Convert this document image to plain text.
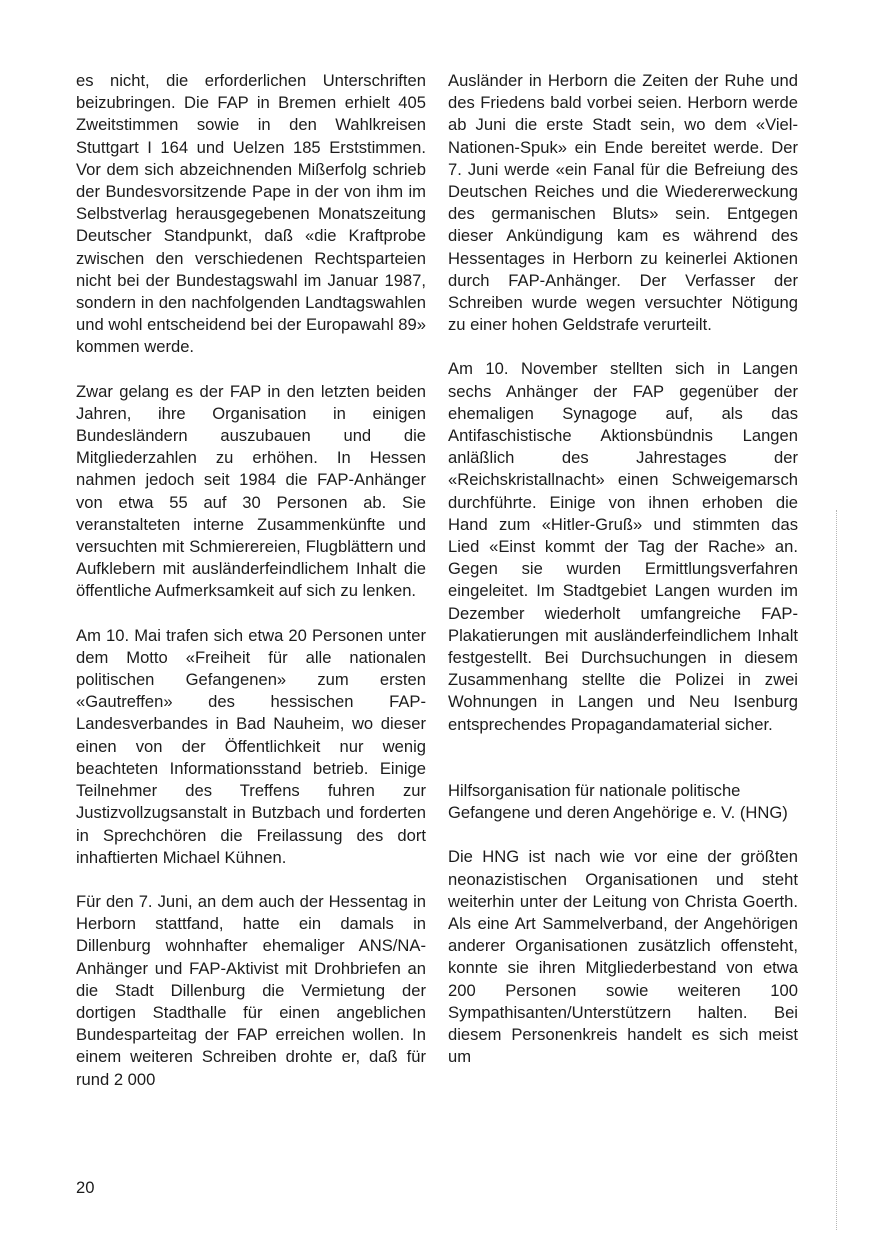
es nicht, die erforderlichen Unterschriften beizubringen. Die FAP in Bremen erhielt 405 Zweitstimmen sowie in den Wahlkreisen Stuttgart I 164 und Uelzen 185 Erststimmen. Vor dem sich abzeichnenden Mißerfolg schrieb der Bundesvorsitzende Pape in der von ihm im Selbstverlag herausgegebenen Monatszeitung Deutscher Standpunkt, daß «die Kraftprobe zwischen den verschiedenen Rechtsparteien nicht bei der Bundestagswahl im Januar 1987, sondern in den nachfolgenden Landtagswahlen und wohl entscheidend bei der Europawahl 89» kommen werde.

Zwar gelang es der FAP in den letzten beiden Jahren, ihre Organisation in einigen Bundesländern auszubauen und die Mitgliederzahlen zu erhöhen. In Hessen nahmen jedoch seit 1984 die FAP-Anhänger von etwa 55 auf 30 Personen ab. Sie veranstalteten interne Zusammenkünfte und versuchten mit Schmierereien, Flugblättern und Aufklebern mit ausländerfeindlichem Inhalt die öffentliche Aufmerksamkeit auf sich zu lenken.

Am 10. Mai trafen sich etwa 20 Personen unter dem Motto «Freiheit für alle nationalen politischen Gefangenen» zum ersten «Gautreffen» des hessischen FAP-Landesverbandes in Bad Nauheim, wo dieser einen von der Öffentlichkeit nur wenig beachteten Informationsstand betrieb. Einige Teilnehmer des Treffens fuhren zur Justizvollzugsanstalt in Butzbach und forderten in Sprechchören die Freilassung des dort inhaftierten Michael Kühnen.

Für den 7. Juni, an dem auch der Hessentag in Herborn stattfand, hatte ein damals in Dillenburg wohnhafter ehemaliger ANS/NA-Anhänger und FAP-Aktivist mit Drohbriefen an die Stadt Dillenburg die Vermietung der dortigen Stadthalle für einen angeblichen Bundesparteitag der FAP erreichen wollen. In einem weiteren Schreiben drohte er, daß für rund 2 000

Ausländer in Herborn die Zeiten der Ruhe und des Friedens bald vorbei seien. Herborn werde ab Juni die erste Stadt sein, wo dem «Viel-Nationen-Spuk» ein Ende bereitet werde. Der 7. Juni werde «ein Fanal für die Befreiung des Deutschen Reiches und die Wiedererweckung des germanischen Bluts» sein. Entgegen dieser Ankündigung kam es während des Hessentages in Herborn zu keinerlei Aktionen durch FAP-Anhänger. Der Verfasser der Schreiben wurde wegen versuchter Nötigung zu einer hohen Geldstrafe verurteilt.

Am 10. November stellten sich in Langen sechs Anhänger der FAP gegenüber der ehemaligen Synagoge auf, als das Antifaschistische Aktionsbündnis Langen anläßlich des Jahrestages der «Reichskristallnacht» einen Schweigemarsch durchführte. Einige von ihnen erhoben die Hand zum «Hitler-Gruß» und stimmten das Lied «Einst kommt der Tag der Rache» an. Gegen sie wurden Ermittlungsverfahren eingeleitet. Im Stadtgebiet Langen wurden im Dezember wiederholt umfangreiche FAP-Plakatierungen mit ausländerfeindlichem Inhalt festgestellt. Bei Durchsuchungen in diesem Zusammenhang stellte die Polizei in zwei Wohnungen in Langen und Neu Isenburg entsprechendes Propagandamaterial sicher.

Hilfsorganisation für nationale politische Gefangene und deren Angehörige e. V. (HNG)

Die HNG ist nach wie vor eine der größten neonazistischen Organisationen und steht weiterhin unter der Leitung von Christa Goerth. Als eine Art Sammelverband, der Angehörigen anderer Organisationen zusätzlich offensteht, konnte sie ihren Mitgliederbestand von etwa 200 Personen sowie weiteren 100 Sympathisanten/Unterstützern halten. Bei diesem Personenkreis handelt es sich meist um

20
